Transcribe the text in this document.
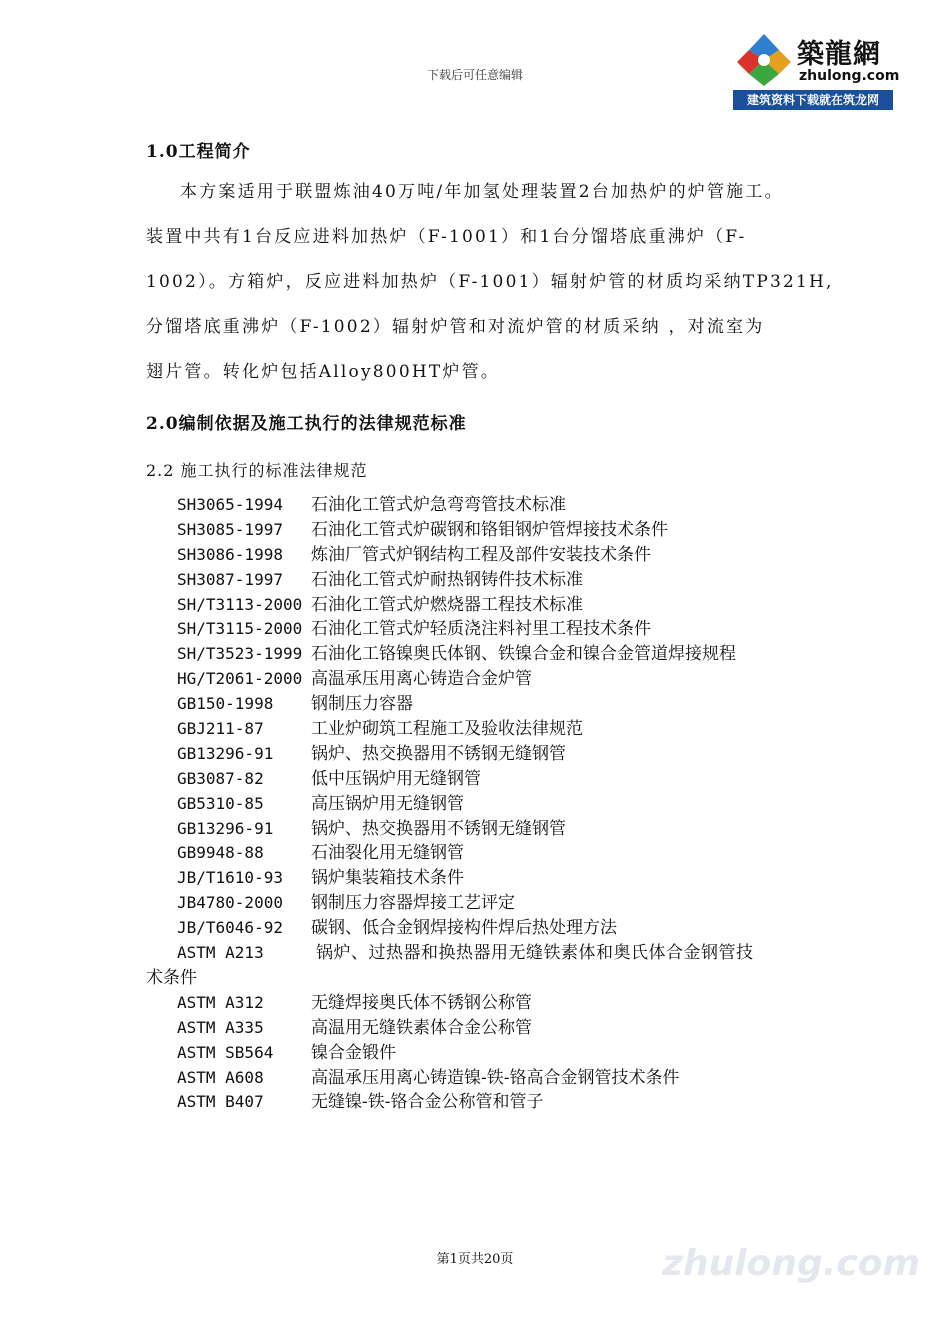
下载后可任意编辑
築龍網
zhulong.com
建筑资料下载就在筑龙网
1.0工程简介
本方案适用于联盟炼油40万吨/年加氢处理装置2台加热炉的炉管施工。
装置中共有1台反应进料加热炉（F-1001）和1台分馏塔底重沸炉（F-
1002）。方箱炉，反应进料加热炉（F-1001）辐射炉管的材质均采纳TP321H,
分馏塔底重沸炉（F-1002）辐射炉管和对流炉管的材质采纳 ，对流室为
翅片管。转化炉包括Alloy800HT炉管。
2.0编制依据及施工执行的法律规范标准
2.2 施工执行的标准法律规范
SH3065-1994 石油化工管式炉急弯弯管技术标准
SH3085-1997 石油化工管式炉碳钢和铬钼钢炉管焊接技术条件
SH3086-1998 炼油厂管式炉钢结构工程及部件安装技术条件
SH3087-1997 石油化工管式炉耐热钢铸件技术标准
SH/T3113-2000 石油化工管式炉燃烧器工程技术标准
SH/T3115-2000 石油化工管式炉轻质浇注料衬里工程技术条件
SH/T3523-1999 石油化工铬镍奥氏体钢、铁镍合金和镍合金管道焊接规程
HG/T2061-2000 高温承压用离心铸造合金炉管
GB150-1998 钢制压力容器
GBJ211-87	工业炉砌筑工程施工及验收法律规范
GB13296-91 锅炉、热交换器用不锈钢无缝钢管
GB3087-82	低中压锅炉用无缝钢管
GB5310-85	高压锅炉用无缝钢管
GB13296-91 锅炉、热交换器用不锈钢无缝钢管
GB9948-88	石油裂化用无缝钢管
JB/T1610-93 锅炉集装箱技术条件
JB4780-2000 钢制压力容器焊接工艺评定
JB/T6046-92 碳钢、低合金钢焊接构件焊后热处理方法
ASTM A213	锅炉、过热器和换热器用无缝铁素体和奥氏体合金钢管技
术条件
ASTM A312	无缝焊接奥氏体不锈钢公称管
ASTM A335	高温用无缝铁素体合金公称管
ASTM SB564 镍合金锻件
ASTM A608	高温承压用离心铸造镍-铁-铬高合金钢管技术条件
ASTM B407	无缝镍-铁-铬合金公称管和管子
zhulong.com
第1页共20页
